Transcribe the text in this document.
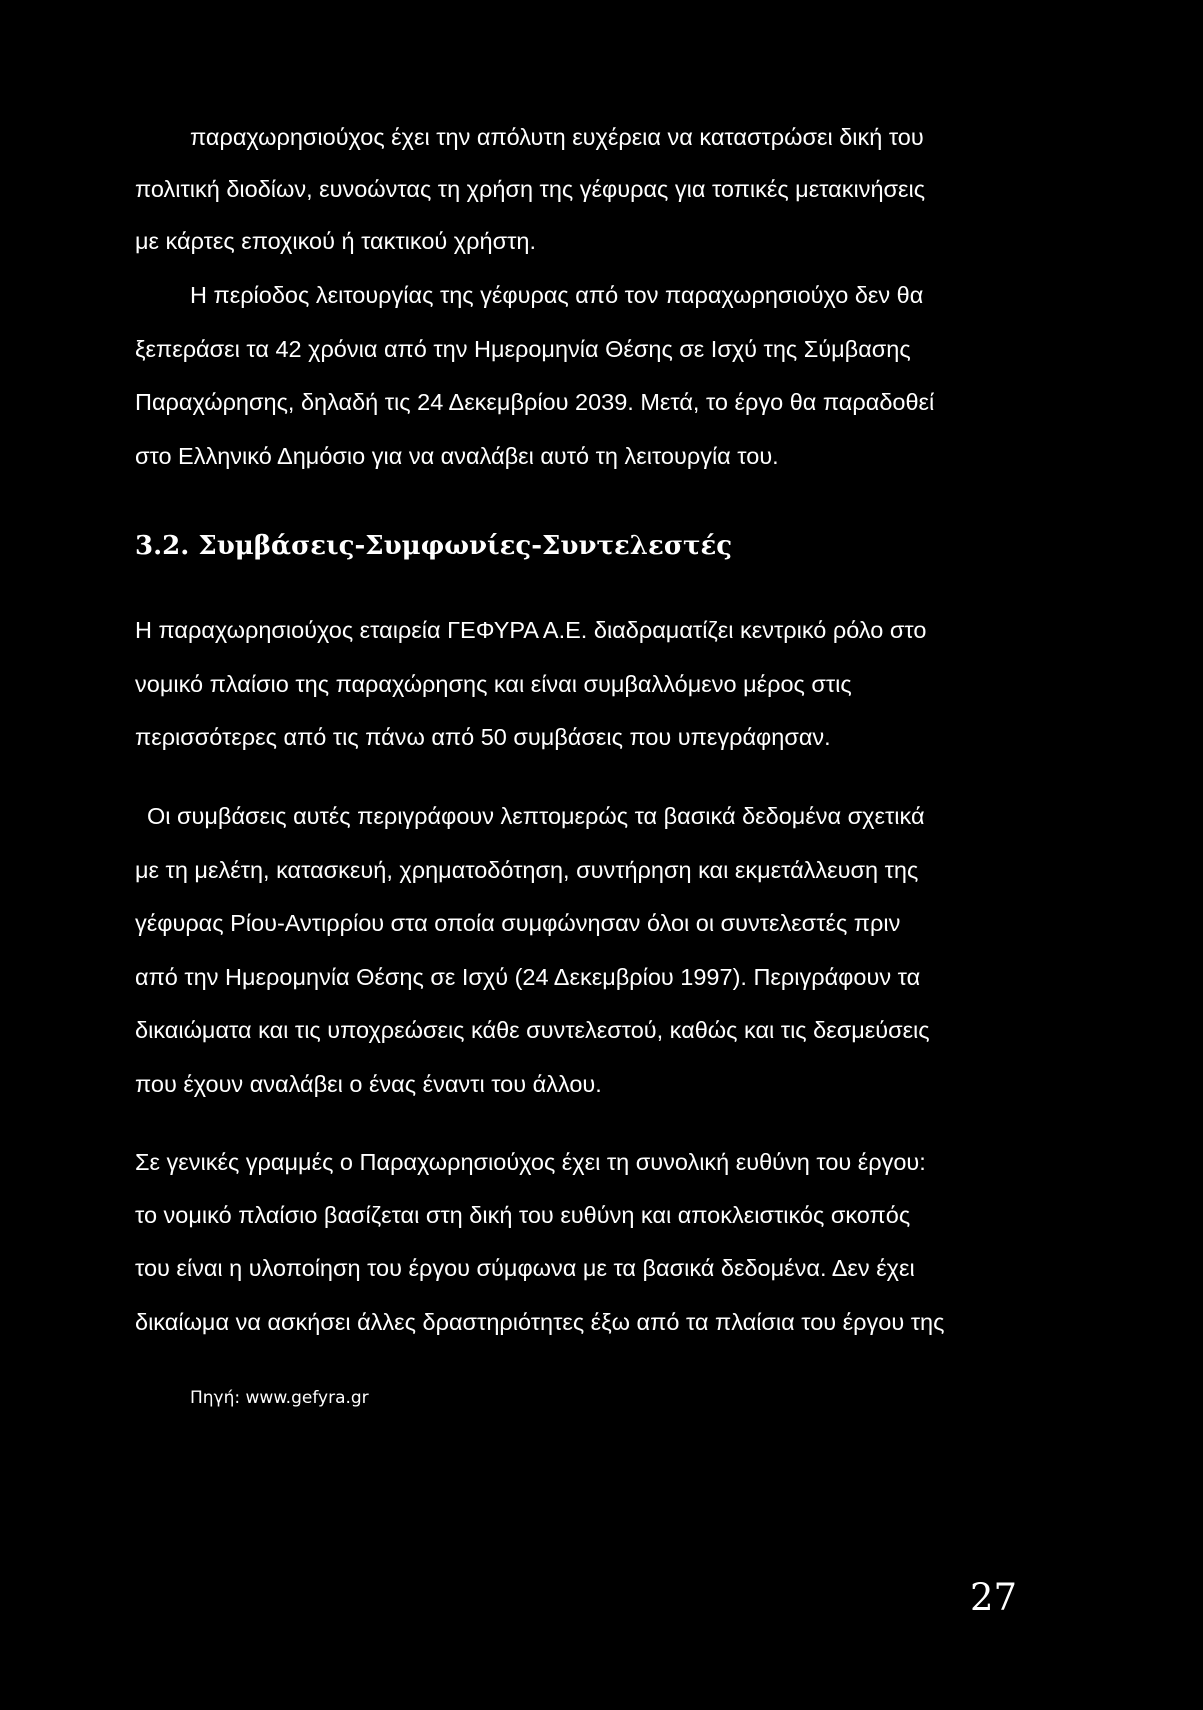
παραχωρησιούχος έχει την απόλυτη ευχέρεια να καταστρώσει δική του

πολιτική διοδίων, ευνοώντας τη χρήση της γέφυρας για τοπικές μετακινήσεις

με κάρτες εποχικού ή τακτικού χρήστη.

Η περίοδος λειτουργίας της γέφυρας από τον παραχωρησιούχο δεν θα

ξεπεράσει τα 42 χρόνια από την Ημερομηνία Θέσης σε Ισχύ της Σύμβασης

Παραχώρησης, δηλαδή τις 24 Δεκεμβρίου 2039. Μετά, το έργο θα παραδοθεί

στο Ελληνικό Δημόσιο για να αναλάβει αυτό τη λειτουργία του.

3.2. Συμβάσεις-Συμφωνίες-Συντελεστές

Η παραχωρησιούχος εταιρεία ΓΕΦΥΡΑ Α.Ε. διαδραματίζει κεντρικό ρόλο στο

νομικό πλαίσιο της παραχώρησης και είναι συμβαλλόμενο μέρος στις

περισσότερες από τις πάνω από 50 συμβάσεις που υπεγράφησαν.

Οι συμβάσεις αυτές περιγράφουν λεπτομερώς τα βασικά δεδομένα σχετικά

με τη μελέτη, κατασκευή, χρηματοδότηση, συντήρηση και εκμετάλλευση της

γέφυρας Ρίου-Αντιρρίου στα οποία συμφώνησαν όλοι οι συντελεστές πριν

από την Ημερομηνία Θέσης σε Ισχύ (24 Δεκεμβρίου 1997). Περιγράφουν τα

δικαιώματα και τις υποχρεώσεις κάθε συντελεστού, καθώς και τις δεσμεύσεις

που έχουν αναλάβει ο ένας έναντι του άλλου.

Σε γενικές γραμμές ο Παραχωρησιούχος έχει τη συνολική ευθύνη του έργου:

το νομικό πλαίσιο βασίζεται στη δική του ευθύνη και αποκλειστικός σκοπός

του είναι η υλοποίηση του έργου σύμφωνα με τα βασικά δεδομένα. Δεν έχει

δικαίωμα να ασκήσει άλλες δραστηριότητες έξω από τα πλαίσια του έργου της

Πηγή: www.gefyra.gr

27
